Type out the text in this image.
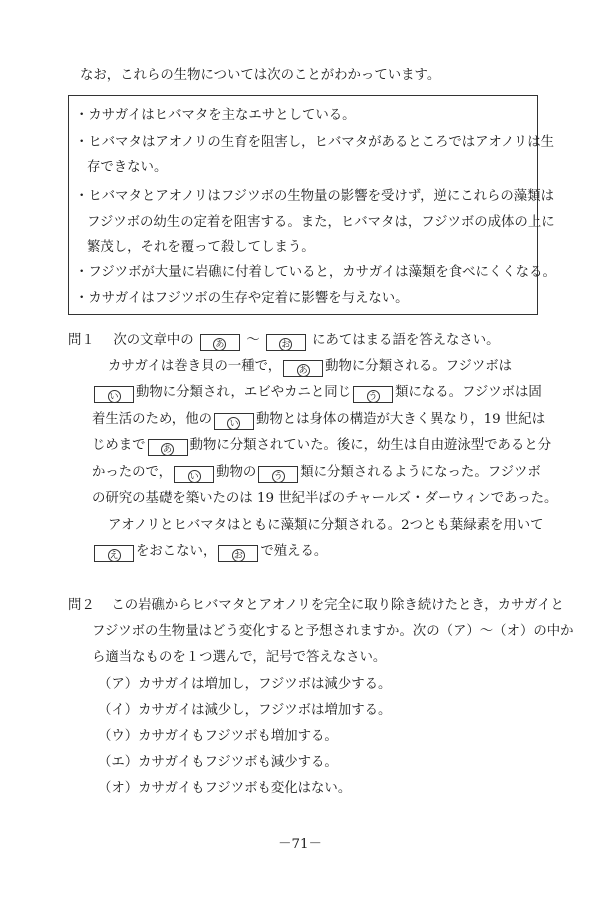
なお，これらの生物については次のことがわかっています。
・カサガイはヒバマタを主なエサとしている。
・ヒバマタはアオノリの生育を阻害し，ヒバマタがあるところではアオノリは生
存できない。
・ヒバマタとアオノリはフジツボの生物量の影響を受けず，逆にこれらの藻類は
フジツボの幼生の定着を阻害する。また，ヒバマタは，フジツボの成体の上に
繁茂し，それを覆って殺してしまう。
・フジツボが大量に岩礁に付着していると，カサガイは藻類を食べにくくなる。
・カサガイはフジツボの生存や定着に影響を与えない。
問１ 次の文章中の あ 〜 お にあてはまる語を答えなさい。
カサガイは巻き貝の一種で， あ 動物に分類される。フジツボは
い 動物に分類され，エビやカニと同じ う 類になる。フジツボは固
着生活のため，他の い 動物とは身体の構造が大きく異なり，19 世紀は
じめまで あ 動物に分類されていた。後に，幼生は自由遊泳型であると分
かったので， い 動物の う 類に分類されるようになった。フジツボ
の研究の基礎を築いたのは 19 世紀半ばのチャールズ・ダーウィンであった。
アオノリとヒバマタはともに藻類に分類される。2つとも葉緑素を用いて
え をおこない， お で殖える。
問２ この岩礁からヒバマタとアオノリを完全に取り除き続けたとき，カサガイと
フジツボの生物量はどう変化すると予想されますか。次の（ア）〜（オ）の中か
ら適当なものを１つ選んで，記号で答えなさい。
（ア）カサガイは増加し，フジツボは減少する。
（イ）カサガイは減少し，フジツボは増加する。
（ウ）カサガイもフジツボも増加する。
（エ）カサガイもフジツボも減少する。
（オ）カサガイもフジツボも変化はない。
－71－
